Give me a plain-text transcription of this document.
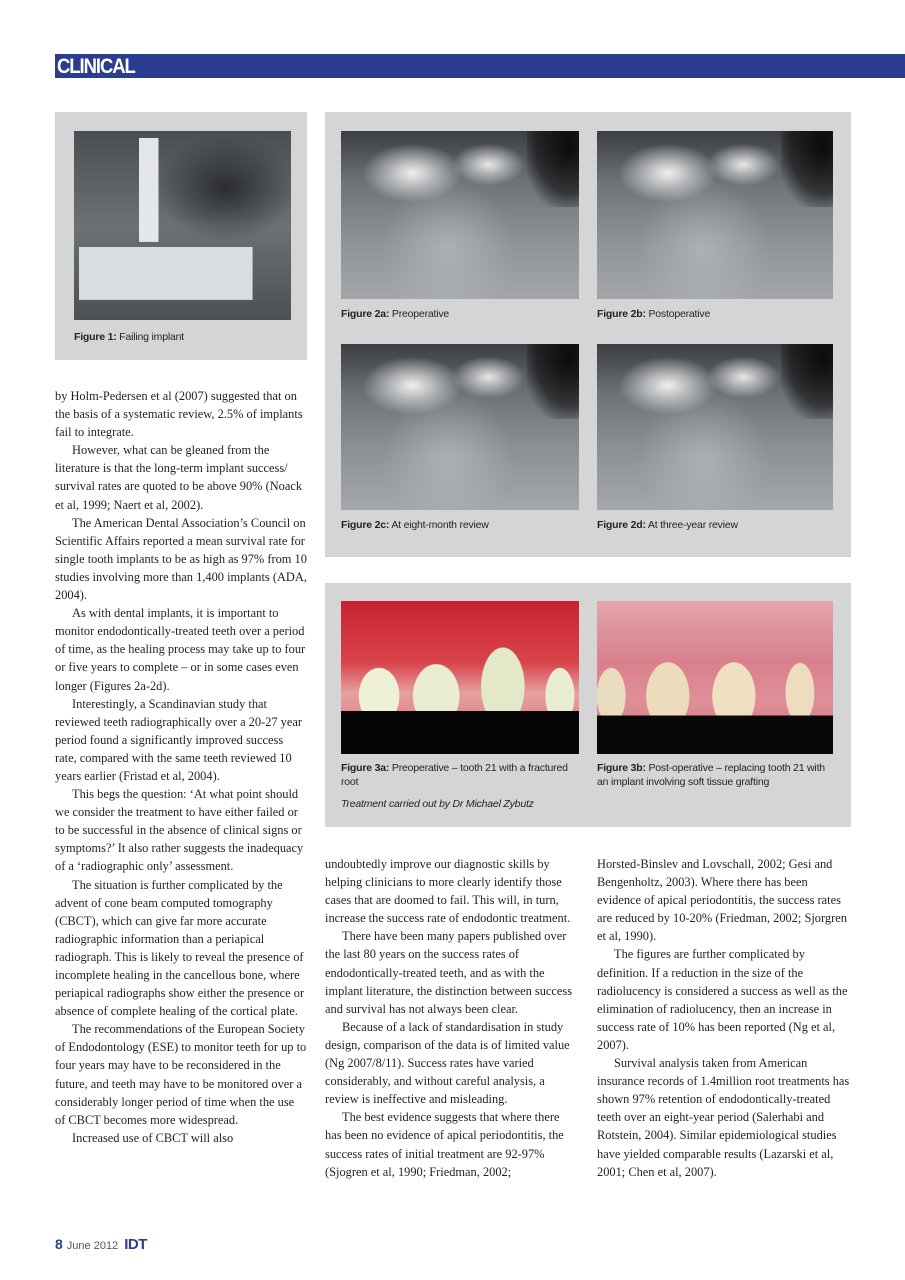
CLINICAL
Figure 1: Failing implant
Figure 2a: Preoperative	Figure 2b: Postoperative
Figure 2c: At eight-month review	Figure 2d: At three-year review
Figure 3a: Preoperative – tooth 21 with a fractured root
Treatment carried out by Dr Michael Zybutz
Figure 3b: Post-operative – replacing tooth 21 with an implant involving soft tissue grafting

by Holm-Pedersen et al (2007) suggested that on the basis of a systematic review, 2.5% of implants fail to integrate.

However, what can be gleaned from the literature is that the long-term implant success/ survival rates are quoted to be above 90% (Noack et al, 1999; Naert et al, 2002).

The American Dental Association’s Council on Scientific Affairs reported a mean survival rate for single tooth implants to be as high as 97% from 10 studies involving more than 1,400 implants (ADA, 2004).

As with dental implants, it is important to monitor endodontically-treated teeth over a period of time, as the healing process may take up to four or five years to complete – or in some cases even longer (Figures 2a-2d).

Interestingly, a Scandinavian study that reviewed teeth radiographically over a 20-27 year period found a significantly improved success rate, compared with the same teeth reviewed 10 years earlier (Fristad et al, 2004).

This begs the question: ‘At what point should we consider the treatment to have either failed or to be successful in the absence of clinical signs or symptoms?’ It also rather suggests the inadequacy of a ‘radiographic only’ assessment.

The situation is further complicated by the advent of cone beam computed tomography (CBCT), which can give far more accurate radiographic information than a periapical radiograph. This is likely to reveal the presence of incomplete healing in the cancellous bone, where periapical radiographs show either the presence or absence of complete healing of the cortical plate.

The recommendations of the European Society of Endodontology (ESE) to monitor teeth for up to four years may have to be reconsidered in the future, and teeth may have to be monitored over a considerably longer period of time when the use of CBCT becomes more widespread.

Increased use of CBCT will also

undoubtedly improve our diagnostic skills by helping clinicians to more clearly identify those cases that are doomed to fail. This will, in turn, increase the success rate of endodontic treatment.

There have been many papers published over the last 80 years on the success rates of endodontically-treated teeth, and as with the implant literature, the distinction between success and survival has not always been clear.

Because of a lack of standardisation in study design, comparison of the data is of limited value (Ng 2007/8/11). Success rates have varied considerably, and without careful analysis, a review is ineffective and misleading.

The best evidence suggests that where there has been no evidence of apical periodontitis, the success rates of initial treatment are 92-97% (Sjogren et al, 1990; Friedman, 2002;

Horsted-Binslev and Lovschall, 2002; Gesi and Bengenholtz, 2003). Where there has been evidence of apical periodontitis, the success rates are reduced by 10-20% (Friedman, 2002; Sjorgren et al, 1990).

The figures are further complicated by definition. If a reduction in the size of the radiolucency is considered a success as well as the elimination of radiolucency, then an increase in success rate of 10% has been reported (Ng et al, 2007).

Survival analysis taken from American insurance records of 1.4million root treatments has shown 97% retention of endodontically-treated teeth over an eight-year period (Salerhabi and Rotstein, 2004). Similar epidemiological studies have yielded comparable results (Lazarski et al, 2001; Chen et al, 2007).

8 June 2012 IDT
